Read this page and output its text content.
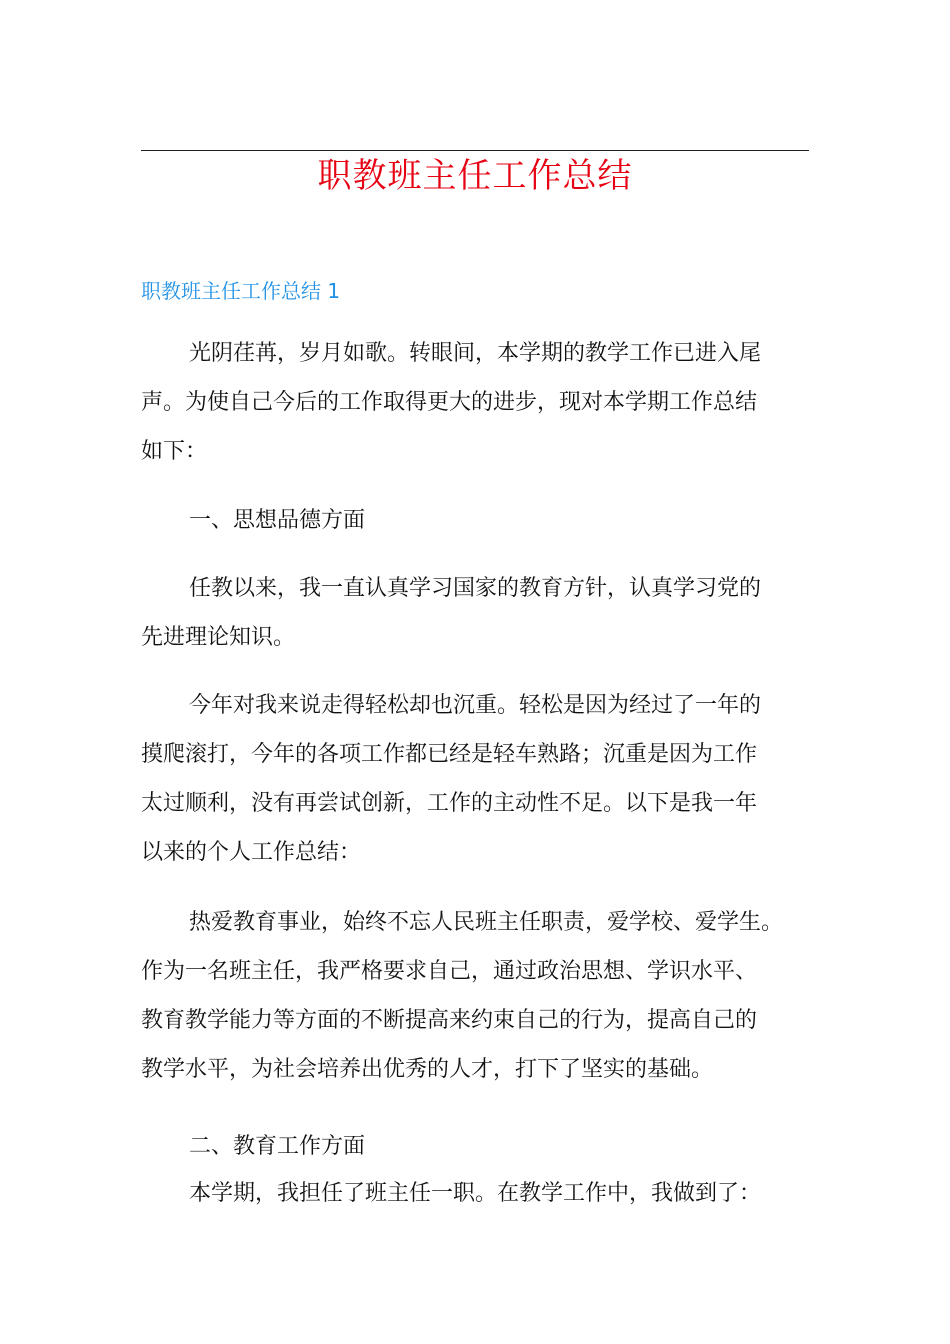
职教班主任工作总结
职教班主任工作总结 1
光阴荏苒，岁月如歌。转眼间，本学期的教学工作已进入尾
声。为使自己今后的工作取得更大的进步，现对本学期工作总结
如下：
一、思想品德方面
任教以来，我一直认真学习国家的教育方针，认真学习党的
先进理论知识。
今年对我来说走得轻松却也沉重。轻松是因为经过了一年的
摸爬滚打，今年的各项工作都已经是轻车熟路；沉重是因为工作
太过顺利，没有再尝试创新，工作的主动性不足。以下是我一年
以来的个人工作总结：
热爱教育事业，始终不忘人民班主任职责，爱学校、爱学生。
作为一名班主任，我严格要求自己，通过政治思想、学识水平、
教育教学能力等方面的不断提高来约束自己的行为，提高自己的
教学水平，为社会培养出优秀的人才，打下了坚实的基础。
二、教育工作方面
本学期，我担任了班主任一职。在教学工作中，我做到了：
